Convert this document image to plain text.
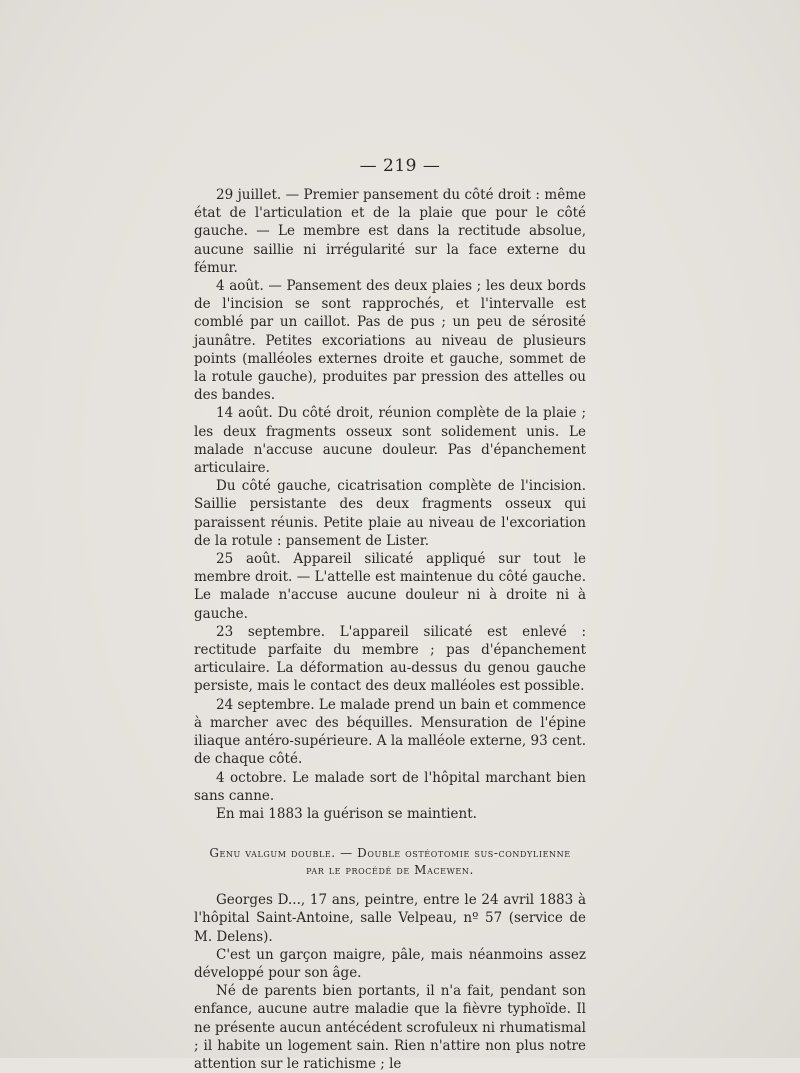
— 219 —

29 juillet. — Premier pansement du côté droit : même état de l'articulation et de la plaie que pour le côté gauche. — Le membre est dans la rectitude absolue, aucune saillie ni irrégularité sur la face externe du fémur.

4 août. — Pansement des deux plaies ; les deux bords de l'incision se sont rapprochés, et l'intervalle est comblé par un caillot. Pas de pus ; un peu de sérosité jaunâtre. Petites excoriations au niveau de plusieurs points (malléoles externes droite et gauche, sommet de la rotule gauche), produites par pression des attelles ou des bandes.

14 août. Du côté droit, réunion complète de la plaie ; les deux fragments osseux sont solidement unis. Le malade n'accuse aucune douleur. Pas d'épanchement articulaire.

Du côté gauche, cicatrisation complète de l'incision. Saillie persistante des deux fragments osseux qui paraissent réunis. Petite plaie au niveau de l'excoriation de la rotule : pansement de Lister.

25 août. Appareil silicaté appliqué sur tout le membre droit. — L'attelle est maintenue du côté gauche. Le malade n'accuse aucune douleur ni à droite ni à gauche.

23 septembre. L'appareil silicaté est enlevé : rectitude parfaite du membre ; pas d'épanchement articulaire. La déformation au-dessus du genou gauche persiste, mais le contact des deux malléoles est possible.

24 septembre. Le malade prend un bain et commence à marcher avec des béquilles. Mensuration de l'épine iliaque antéro-supérieure. A la malléole externe, 93 cent. de chaque côté.

4 octobre. Le malade sort de l'hôpital marchant bien sans canne.

En mai 1883 la guérison se maintient.

Genu valgum double. — Double ostéotomie sus-condylienne
par le procédé de Macewen.

Georges D..., 17 ans, peintre, entre le 24 avril 1883 à l'hôpital Saint-Antoine, salle Velpeau, nº 57 (service de M. Delens).

C'est un garçon maigre, pâle, mais néanmoins assez développé pour son âge.

Né de parents bien portants, il n'a fait, pendant son enfance, aucune autre maladie que la fièvre typhoïde. Il ne présente aucun antécédent scrofuleux ni rhumatismal ; il habite un logement sain. Rien n'attire non plus notre attention sur le ratichisme ; le
